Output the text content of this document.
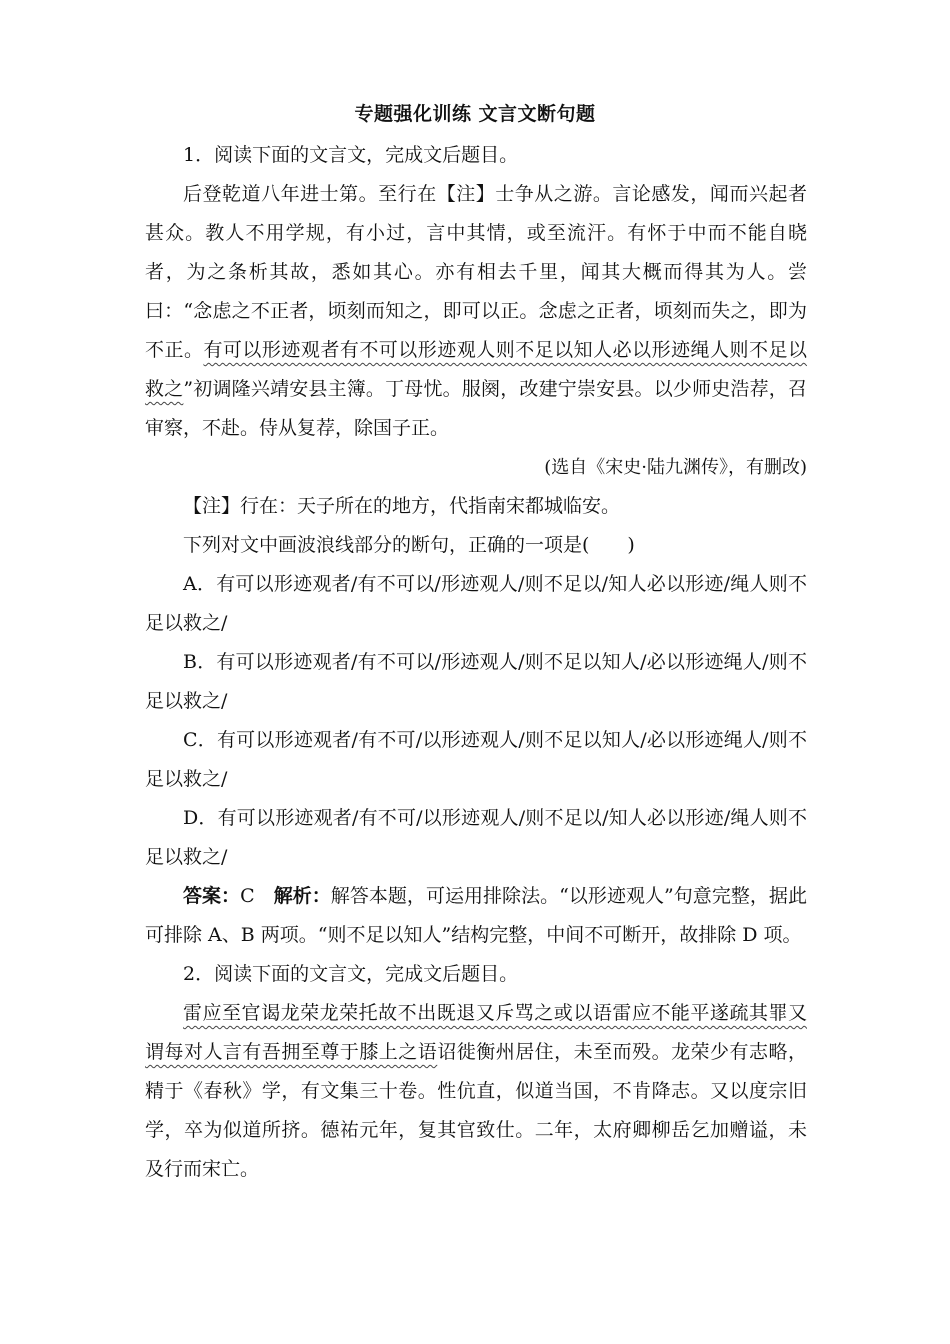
专题强化训练 文言文断句题

1．阅读下面的文言文，完成文后题目。

后登乾道八年进士第。至行在【注】士争从之游。言论感发，闻而兴起者甚众。教人不用学规，有小过，言中其情，或至流汗。有怀于中而不能自晓者，为之条析其故，悉如其心。亦有相去千里，闻其大概而得其为人。尝曰：“念虑之不正者，顷刻而知之，即可以正。念虑之正者，顷刻而失之，即为不正。有可以形迹观者有不可以形迹观人则不足以知人必以形迹绳人则不足以救之”初调隆兴靖安县主簿。丁母忧。服阕，改建宁崇安县。以少师史浩荐，召审察，不赴。侍从复荐，除国子正。

(选自《宋史·陆九渊传》，有删改)

【注】行在：天子所在的地方，代指南宋都城临安。

下列对文中画波浪线部分的断句，正确的一项是(　　)

A．有可以形迹观者/有不可以/形迹观人/则不足以/知人必以形迹/绳人则不足以救之/

B．有可以形迹观者/有不可以/形迹观人/则不足以知人/必以形迹绳人/则不足以救之/

C．有可以形迹观者/有不可/以形迹观人/则不足以知人/必以形迹绳人/则不足以救之/

D．有可以形迹观者/有不可/以形迹观人/则不足以/知人必以形迹/绳人则不足以救之/

答案：C　 解析：解答本题，可运用排除法。“以形迹观人”句意完整，据此可排除 A、B 两项。“则不足以知人”结构完整，中间不可断开，故排除 D 项。

2．阅读下面的文言文，完成文后题目。

雷应至官谒龙荣龙荣托故不出既退又斥骂之或以语雷应不能平遂疏其罪又谓每对人言有吾拥至尊于膝上之语诏徙衡州居住，未至而殁。龙荣少有志略，精于《春秋》学，有文集三十卷。性伉直，似道当国，不肯降志。又以度宗旧学，卒为似道所挤。德祐元年，复其官致仕。二年，太府卿柳岳乞加赠谥，未及行而宋亡。
